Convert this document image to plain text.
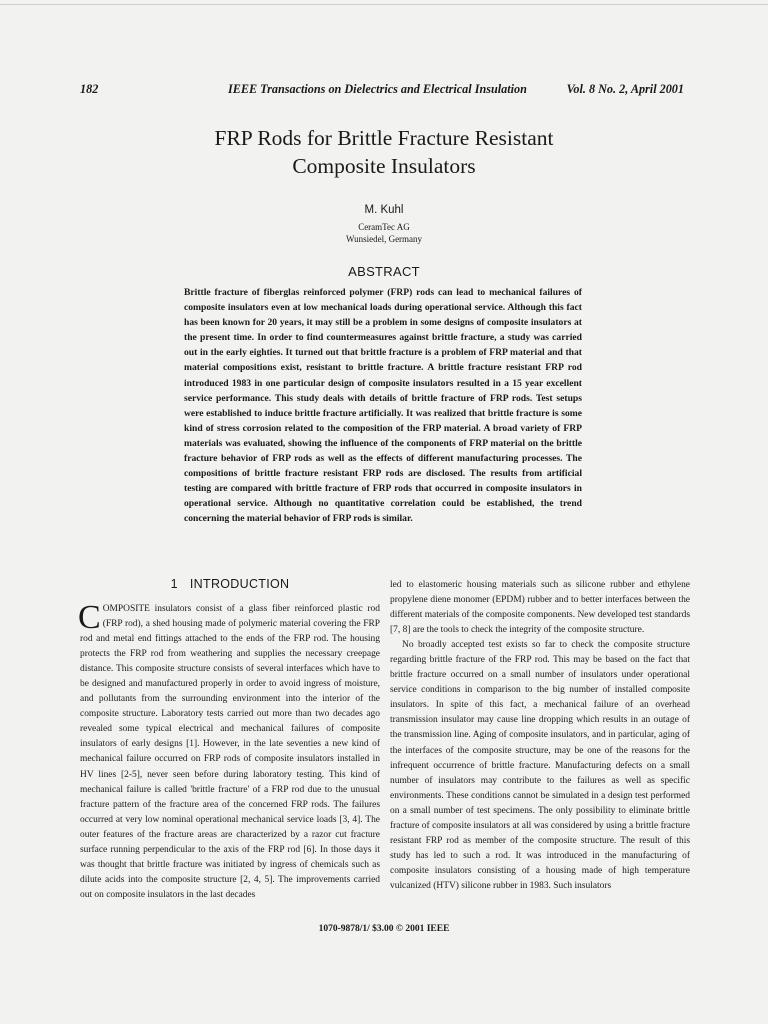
182	IEEE Transactions on Dielectrics and Electrical Insulation	Vol. 8 No. 2, April 2001
FRP Rods for Brittle Fracture Resistant
Composite Insulators
M. Kuhl
CeramTec AG
Wunsiedel, Germany
ABSTRACT
Brittle fracture of fiberglas reinforced polymer (FRP) rods can lead to mechanical failures of composite insulators even at low mechanical loads during operational service. Although this fact has been known for 20 years, it may still be a problem in some designs of composite insulators at the present time. In order to find countermeasures against brittle fracture, a study was carried out in the early eighties. It turned out that brittle fracture is a problem of FRP material and that material compositions exist, resistant to brittle fracture. A brittle fracture resistant FRP rod introduced 1983 in one particular design of composite insulators resulted in a 15 year excellent service performance. This study deals with details of brittle fracture of FRP rods. Test setups were established to induce brittle fracture artificially. It was realized that brittle fracture is some kind of stress corrosion related to the composition of the FRP material. A broad variety of FRP materials was evaluated, showing the influence of the components of FRP material on the brittle fracture behavior of FRP rods as well as the effects of different manufacturing processes. The compositions of brittle fracture resistant FRP rods are disclosed. The results from artificial testing are compared with brittle fracture of FRP rods that occurred in composite insulators in operational service. Although no quantitative correlation could be established, the trend concerning the material behavior of FRP rods is similar.
1 INTRODUCTION
COMPOSITE insulators consist of a glass fiber reinforced plastic rod (FRP rod), a shed housing made of polymeric material covering the FRP rod and metal end fittings attached to the ends of the FRP rod. The housing protects the FRP rod from weathering and supplies the necessary creepage distance. This composite structure consists of several interfaces which have to be designed and manufactured properly in order to avoid ingress of moisture, and pollutants from the surrounding environment into the interior of the composite structure. Laboratory tests carried out more than two decades ago revealed some typical electrical and mechanical failures of composite insulators of early designs [1]. However, in the late seventies a new kind of mechanical failure occurred on FRP rods of composite insulators installed in HV lines [2-5], never seen before during laboratory testing. This kind of mechanical failure is called 'brittle fracture' of a FRP rod due to the unusual fracture pattern of the fracture area of the concerned FRP rods. The failures occurred at very low nominal operational mechanical service loads [3, 4]. The outer features of the fracture areas are characterized by a razor cut fracture surface running perpendicular to the axis of the FRP rod [6]. In those days it was thought that brittle fracture was initiated by ingress of chemicals such as dilute acids into the composite structure [2, 4, 5]. The improvements carried out on composite insulators in the last decades
led to elastomeric housing materials such as silicone rubber and ethylene propylene diene monomer (EPDM) rubber and to better interfaces between the different materials of the composite components. New developed test standards [7, 8] are the tools to check the integrity of the composite structure.
No broadly accepted test exists so far to check the composite structure regarding brittle fracture of the FRP rod. This may be based on the fact that brittle fracture occurred on a small number of insulators under operational service conditions in comparison to the big number of installed composite insulators. In spite of this fact, a mechanical failure of an overhead transmission insulator may cause line dropping which results in an outage of the transmission line. Aging of composite insulators, and in particular, aging of the interfaces of the composite structure, may be one of the reasons for the infrequent occurrence of brittle fracture. Manufacturing defects on a small number of insulators may contribute to the failures as well as specific environments. These conditions cannot be simulated in a design test performed on a small number of test specimens. The only possibility to eliminate brittle fracture of composite insulators at all was considered by using a brittle fracture resistant FRP rod as member of the composite structure. The result of this study has led to such a rod. It was introduced in the manufacturing of composite insulators consisting of a housing made of high temperature vulcanized (HTV) silicone rubber in 1983. Such insulators
1070-9878/1/ $3.00 © 2001 IEEE
